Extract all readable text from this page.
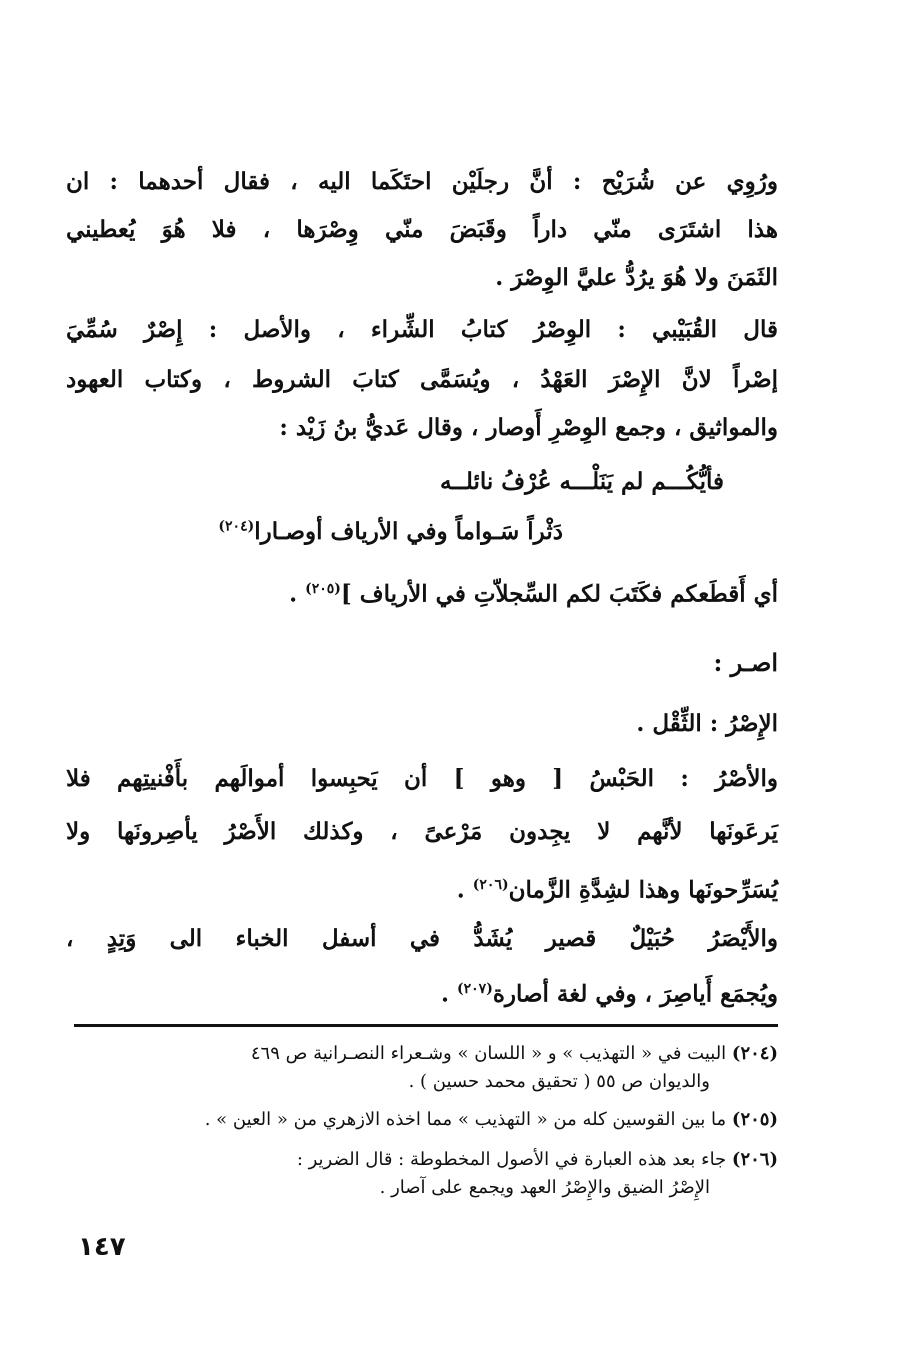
ورُوِي عن شُرَيْح : أنَّ رجلَيْن احتَكَما اليه ، فقال أحدهما : ان
هذا اشتَرَى منّي داراً وقَبَضَ منّي وِصْرَها ، فلا هُوَ يُعطيني
الثَمَنَ ولا هُوَ يرُدُّ عليَّ الوِصْرَ .
قال القُبَيْبي : الوِصْرُ كتابُ الشِّراء ، والأصل : إِصْرٌ سُمِّيَ
إصْراً لانَّ الإِصْرَ العَهْدُ ، ويُسَمَّى كتابَ الشروط ، وكتاب العهود
والمواثيق ، وجمع الوِصْرِ أَوصار ، وقال عَديُّ بنُ زَيْد :
فأيُّكُـــم لم يَنَلْـــه عُرْفُ نائلــه
دَثْراً سَـواماً وفي الأرياف أوصـارا$^{(٢٠٤)}$
أي أَقطَعكم فكَتَبَ لكم السِّجلاّتِ في الأرياف ]$^{(٢٠٥)}$ .
اصـر :
الإِصْرُ : الثِّقْل .
والأصْرُ : الحَبْسُ [ وهو ] أن يَحبِسوا أموالَهم بأَفْنيتِهم فلا
يَرعَونَها لأنَّهم لا يجِدون مَرْعىً ، وكذلك الأَصْرُ يأصِرونَها ولا
يُسَرِّحونَها وهذا لشِدَّةِ الزَّمان$^{(٢٠٦)}$ .
والأَيْصَرُ حُبَيْلٌ قصير يُشَدُّ في أسفل الخباء الى وَتِدٍ ،
ويُجمَع أَياصِرَ ، وفي لغة أصارة$^{(٢٠٧)}$ .
(٢٠٤) البيت في « التهذيب » و « اللسان » وشـعراء النصـرانية ص ٤٦٩
والديوان ص ٥٥ ( تحقيق محمد حسين ) .
(٢٠٥) ما بين القوسين كله من « التهذيب » مما اخذه الازهري من « العين » .
(٢٠٦) جاء بعد هذه العبارة في الأصول المخطوطة : قال الضرير :
الإِصْرُ الضيق والإِصْرُ العهد ويجمع على آصار .
١٤٧
